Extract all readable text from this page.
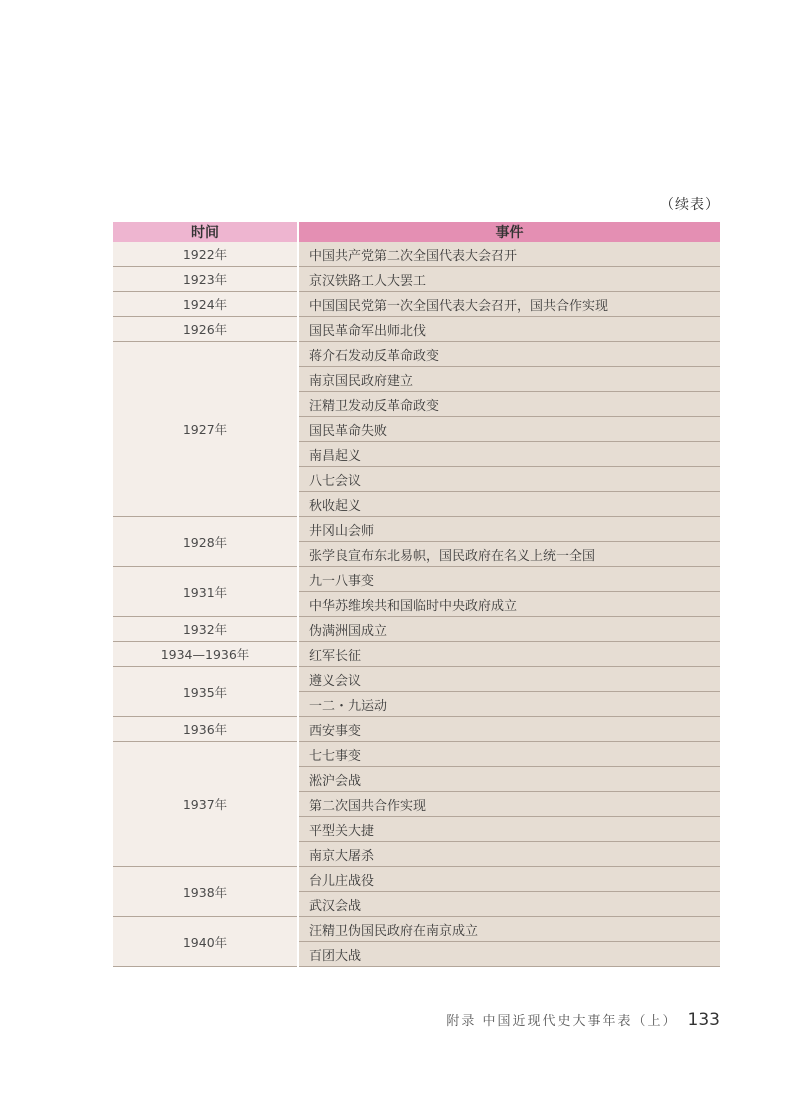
（续表）
时间	事件
1922年	中国共产党第二次全国代表大会召开
1923年	京汉铁路工人大罢工
1924年	中国国民党第一次全国代表大会召开，国共合作实现
1926年	国民革命军出师北伐
1927年	蒋介石发动反革命政变
	南京国民政府建立
	汪精卫发动反革命政变
	国民革命失败
	南昌起义
	八七会议
	秋收起义
1928年	井冈山会师
	张学良宣布东北易帜，国民政府在名义上统一全国
1931年	九一八事变
	中华苏维埃共和国临时中央政府成立
1932年	伪满洲国成立
1934—1936年	红军长征
1935年	遵义会议
	一二・九运动
1936年	西安事变
1937年	七七事变
	淞沪会战
	第二次国共合作实现
	平型关大捷
	南京大屠杀
1938年	台儿庄战役
	武汉会战
1940年	汪精卫伪国民政府在南京成立
	百团大战
附录 中国近现代史大事年表（上） 133
